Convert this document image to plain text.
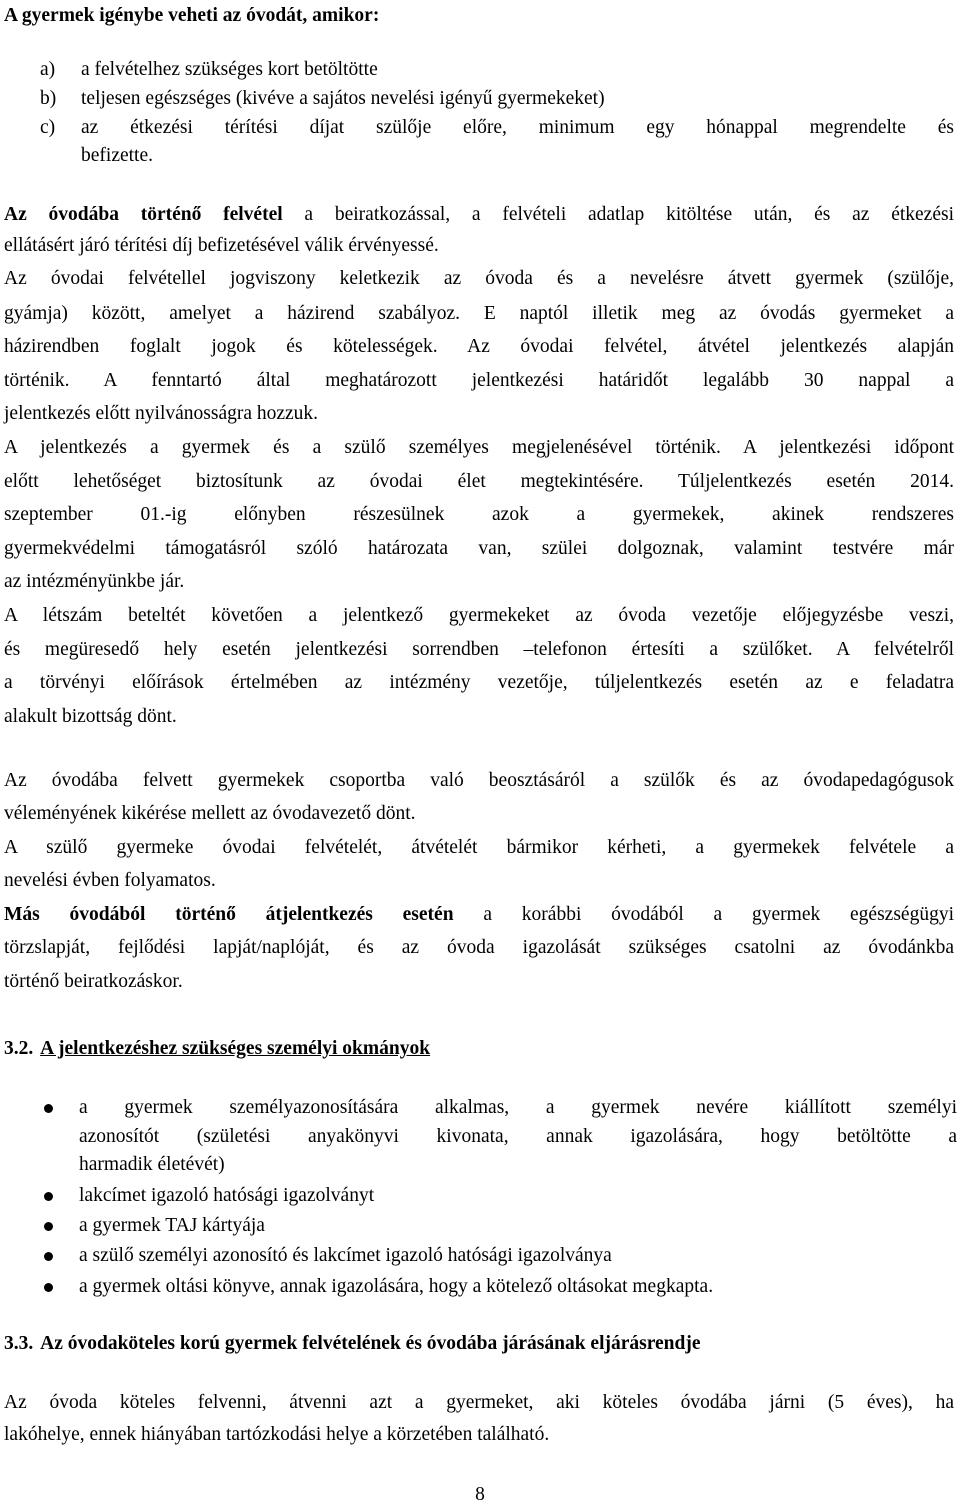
A gyermek igénybe veheti az óvodát, amikor:
a) a felvételhez szükséges kort betöltötte
b) teljesen egészséges (kivéve a sajátos nevelési igényű gyermekeket)
c) az étkezési térítési díjat szülője előre, minimum egy hónappal megrendelte és
befizette.
Az óvodába történő felvétel a beiratkozással, a felvételi adatlap kitöltése után, és az étkezési
ellátásért járó térítési díj befizetésével válik érvényessé.
Az óvodai felvétellel jogviszony keletkezik az óvoda és a nevelésre átvett gyermek (szülője,
gyámja) között, amelyet a házirend szabályoz. E naptól illetik meg az óvodás gyermeket a
házirendben foglalt jogok és kötelességek. Az óvodai felvétel, átvétel jelentkezés alapján
történik. A fenntartó által meghatározott jelentkezési határidőt legalább 30 nappal a
jelentkezés előtt nyilvánosságra hozzuk.
A jelentkezés a gyermek és a szülő személyes megjelenésével történik. A jelentkezési időpont
előtt lehetőséget biztosítunk az óvodai élet megtekintésére. Túljelentkezés esetén 2014.
szeptember 01.-ig előnyben részesülnek azok a gyermekek, akinek rendszeres
gyermekvédelmi támogatásról szóló határozata van, szülei dolgoznak, valamint testvére már
az intézményünkbe jár.
A létszám beteltét követően a jelentkező gyermekeket az óvoda vezetője előjegyzésbe veszi,
és megüresedő hely esetén jelentkezési sorrendben –telefonon értesíti a szülőket. A felvételről
a törvényi előírások értelmében az intézmény vezetője, túljelentkezés esetén az e feladatra
alakult bizottság dönt.
Az óvodába felvett gyermekek csoportba való beosztásáról a szülők és az óvodapedagógusok
véleményének kikérése mellett az óvodavezető dönt.
A szülő gyermeke óvodai felvételét, átvételét bármikor kérheti, a gyermekek felvétele a
nevelési évben folyamatos.
Más óvodából történő átjelentkezés esetén a korábbi óvodából a gyermek egészségügyi
törzslapját, fejlődési lapját/naplóját, és az óvoda igazolását szükséges csatolni az óvodánkba
történő beiratkozáskor.
3.2. A jelentkezéshez szükséges személyi okmányok
a gyermek személyazonosítására alkalmas, a gyermek nevére kiállított személyi
azonosítót (születési anyakönyvi kivonata, annak igazolására, hogy betöltötte a
harmadik életévét)
lakcímet igazoló hatósági igazolványt
a gyermek TAJ kártyája
a szülő személyi azonosító és lakcímet igazoló hatósági igazolványa
a gyermek oltási könyve, annak igazolására, hogy a kötelező oltásokat megkapta.
3.3. Az óvodaköteles korú gyermek felvételének és óvodába járásának eljárásrendje
Az óvoda köteles felvenni, átvenni azt a gyermeket, aki köteles óvodába járni (5 éves), ha
lakóhelye, ennek hiányában tartózkodási helye a körzetében található.
8
